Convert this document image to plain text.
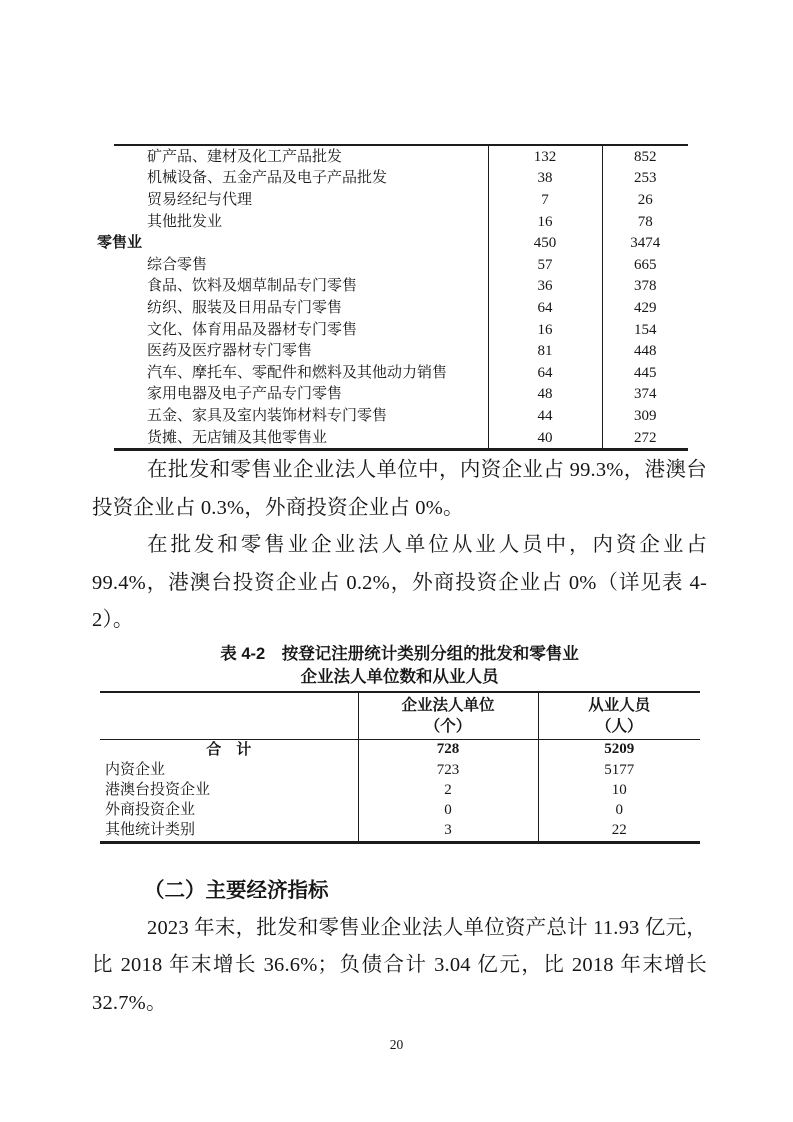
矿产品、建材及化工产品批发	132	852
机械设备、五金产品及电子产品批发	38	253
贸易经纪与代理	7	26
其他批发业	16	78
零售业	450	3474
综合零售	57	665
食品、饮料及烟草制品专门零售	36	378
纺织、服装及日用品专门零售	64	429
文化、体育用品及器材专门零售	16	154
医药及医疗器材专门零售	81	448
汽车、摩托车、零配件和燃料及其他动力销售	64	445
家用电器及电子产品专门零售	48	374
五金、家具及室内装饰材料专门零售	44	309
货摊、无店铺及其他零售业	40	272

在批发和零售业企业法人单位中，内资企业占 99.3%，港澳台投资企业占 0.3%，外商投资企业占 0%。

在批发和零售业企业法人单位从业人员中，内资企业占 99.4%，港澳台投资企业占 0.2%，外商投资企业占 0%（详见表 4-2）。

表 4-2　按登记注册统计类别分组的批发和零售业
企业法人单位数和从业人员

企业法人单位
（个）

从业人员
（人）

合　计	728	5209
内资企业	723	5177
港澳台投资企业	2	10
外商投资企业	0	0
其他统计类别	3	22
（二）主要经济指标

2023 年末，批发和零售业企业法人单位资产总计 11.93 亿元，比 2018 年末增长 36.6%；负债合计 3.04 亿元，比 2018 年末增长 32.7%。

20
